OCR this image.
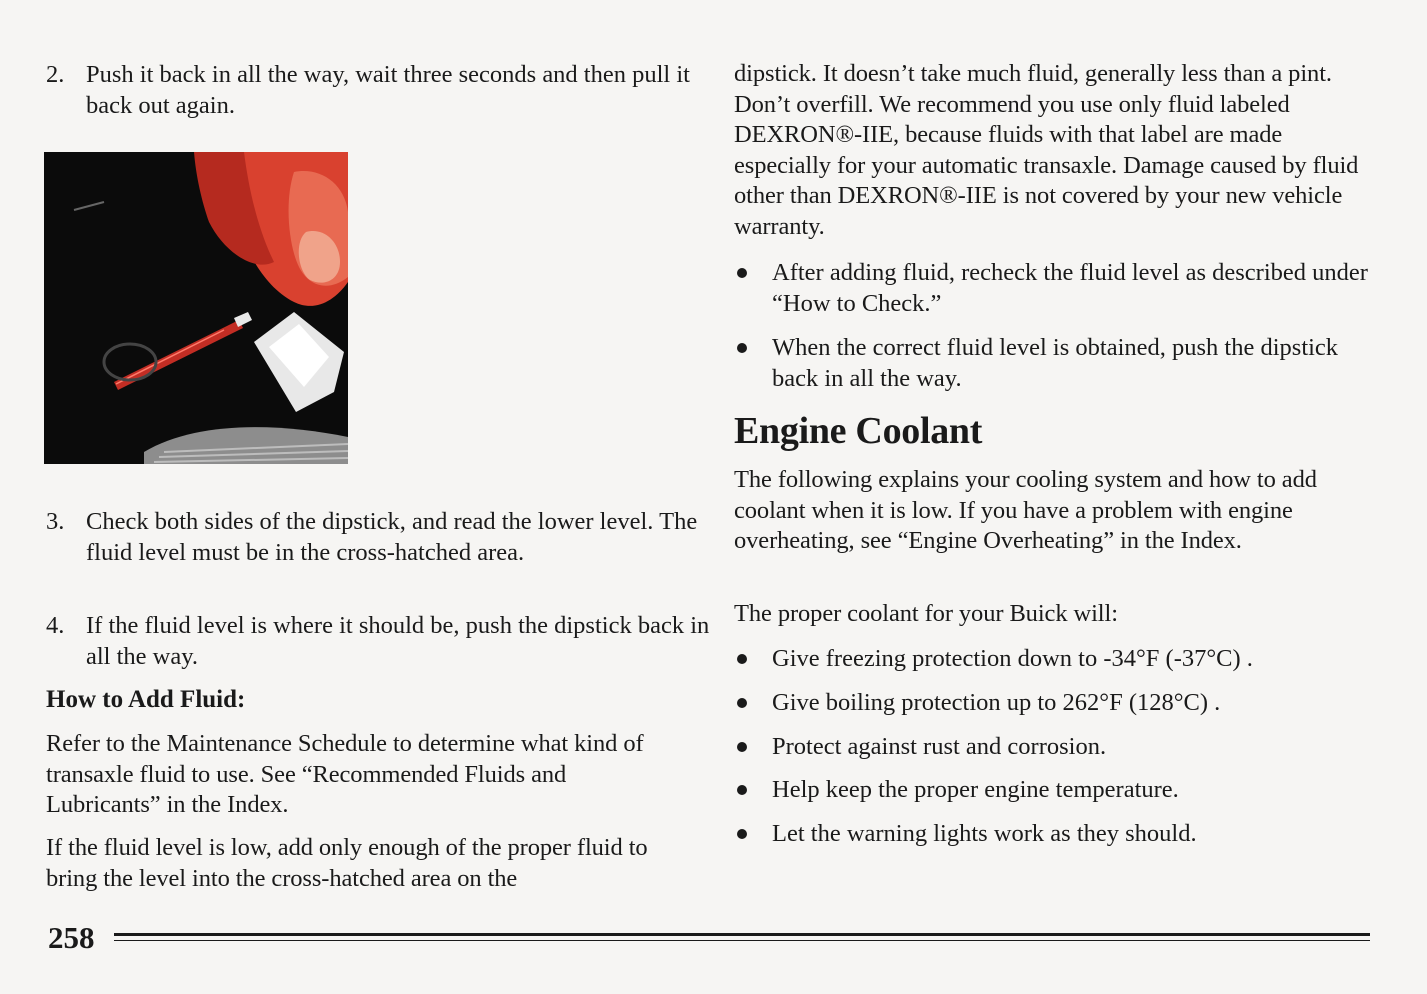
2. Push it back in all the way, wait three seconds and then pull it back out again.
3. Check both sides of the dipstick, and read the lower level. The fluid level must be in the cross-hatched area.
4. If the fluid level is where it should be, push the dipstick back in all the way.

How to Add Fluid:

Refer to the Maintenance Schedule to determine what kind of transaxle fluid to use. See “Recommended Fluids and Lubricants” in the Index.

If the fluid level is low, add only enough of the proper fluid to bring the level into the cross-hatched area on the

dipstick. It doesn’t take much fluid, generally less than a pint. Don’t overfill. We recommend you use only fluid labeled DEXRON®-IIE, because fluids with that label are made especially for your automatic transaxle. Damage caused by fluid other than DEXRON®-IIE is not covered by your new vehicle warranty.

After adding fluid, recheck the fluid level as described under “How to Check.”
When the correct fluid level is obtained, push the dipstick back in all the way.

Engine Coolant

The following explains your cooling system and how to add coolant when it is low. If you have a problem with engine overheating, see “Engine Overheating” in the Index.

The proper coolant for your Buick will:

Give freezing protection down to -34°F (-37°C) .
Give boiling protection up to 262°F (128°C) .
Protect against rust and corrosion.
Help keep the proper engine temperature.
Let the warning lights work as they should.
258
